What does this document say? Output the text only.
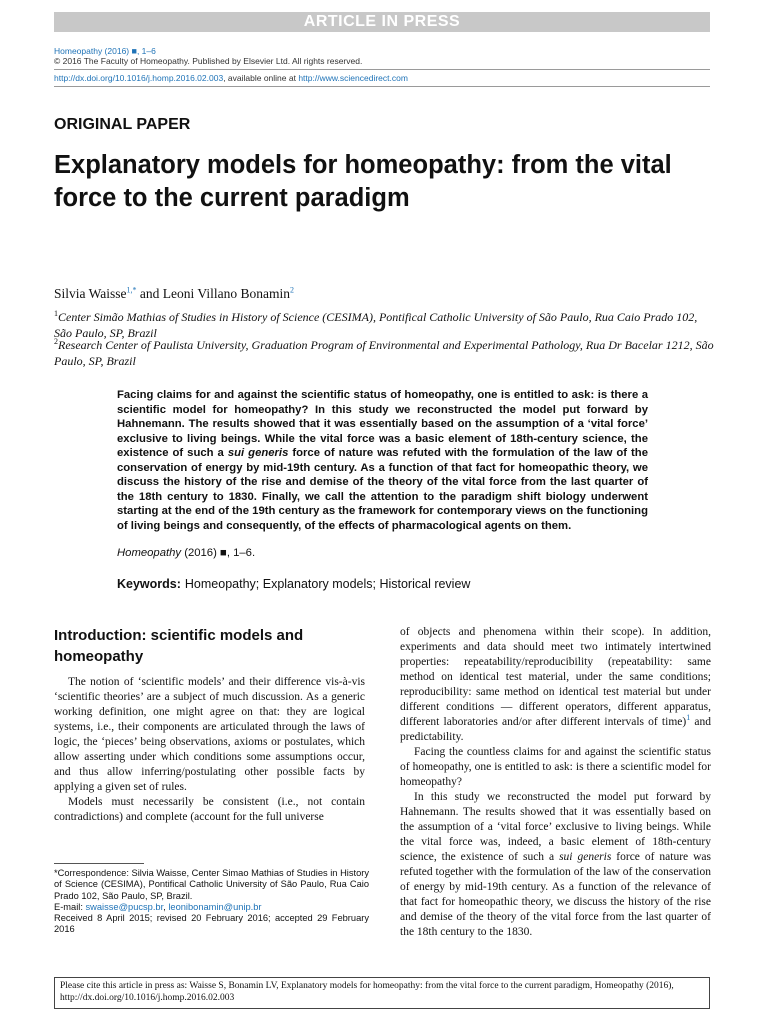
ARTICLE IN PRESS
Homeopathy (2016) ■, 1–6
© 2016 The Faculty of Homeopathy. Published by Elsevier Ltd. All rights reserved.
http://dx.doi.org/10.1016/j.homp.2016.02.003, available online at http://www.sciencedirect.com
ORIGINAL PAPER
Explanatory models for homeopathy: from the vital force to the current paradigm
Silvia Waisse$^{1,*}$ and Leoni Villano Bonamin$^2$
$^1$Center Simão Mathias of Studies in History of Science (CESIMA), Pontifical Catholic University of São Paulo, Rua Caio Prado 102, São Paulo, SP, Brazil
$^2$Research Center of Paulista University, Graduation Program of Environmental and Experimental Pathology, Rua Dr Bacelar 1212, São Paulo, SP, Brazil
Facing claims for and against the scientific status of homeopathy, one is entitled to ask: is there a scientific model for homeopathy? In this study we reconstructed the model put forward by Hahnemann. The results showed that it was essentially based on the assumption of a ‘vital force’ exclusive to living beings. While the vital force was a basic element of 18th-century science, the existence of such a sui generis force of nature was refuted with the formulation of the law of the conservation of energy by mid-19th century. As a function of that fact for homeopathic theory, we discuss the history of the rise and demise of the theory of the vital force from the last quarter of the 18th century to 1830. Finally, we call the attention to the paradigm shift biology underwent starting at the end of the 19th century as the framework for contemporary views on the functioning of living beings and consequently, of the effects of pharmacological agents on them.
Homeopathy (2016) ■, 1–6.
Keywords: Homeopathy; Explanatory models; Historical review
Introduction: scientific models and homeopathy

The notion of ‘scientific models’ and their difference vis-à-vis ‘scientific theories’ are a subject of much discussion. As a generic working definition, one might agree on that: they are logical systems, i.e., their components are articulated through the laws of logic, the ‘pieces’ being observations, axioms or postulates, which allow asserting under which conditions some assumptions occur, and thus allow inferring/postulating other possible facts by applying a given set of rules.

Models must necessarily be consistent (i.e., not contain contradictions) and complete (account for the full universe

of objects and phenomena within their scope). In addition, experiments and data should meet two intimately intertwined properties: repeatability/reproducibility (repeatability: same method on identical test material, under the same conditions; reproducibility: same method on identical test material but under different conditions — different operators, different apparatus, different laboratories and/or after different intervals of time)$^1$ and predictability.

Facing the countless claims for and against the scientific status of homeopathy, one is entitled to ask: is there a scientific model for homeopathy?

In this study we reconstructed the model put forward by Hahnemann. The results showed that it was essentially based on the assumption of a ‘vital force’ exclusive to living beings. While the vital force was, indeed, a basic element of 18th-century science, the existence of such a sui generis force of nature was refuted together with the formulation of the law of the conservation of energy by mid-19th century. As a function of the relevance of that fact for homeopathic theory, we discuss the history of the rise and demise of the theory of the vital force from the last quarter of the 18th century to the 1830.

*Correspondence: Silvia Waisse, Center Simao Mathias of Studies in History of Science (CESIMA), Pontifical Catholic University of São Paulo, Rua Caio Prado 102, São Paulo, SP, Brazil.
E-mail: swaisse@pucsp.br, leonibonamin@unip.br
Received 8 April 2015; revised 20 February 2016; accepted 29 February 2016
Please cite this article in press as: Waisse S, Bonamin LV, Explanatory models for homeopathy: from the vital force to the current paradigm, Homeopathy (2016), http://dx.doi.org/10.1016/j.homp.2016.02.003
